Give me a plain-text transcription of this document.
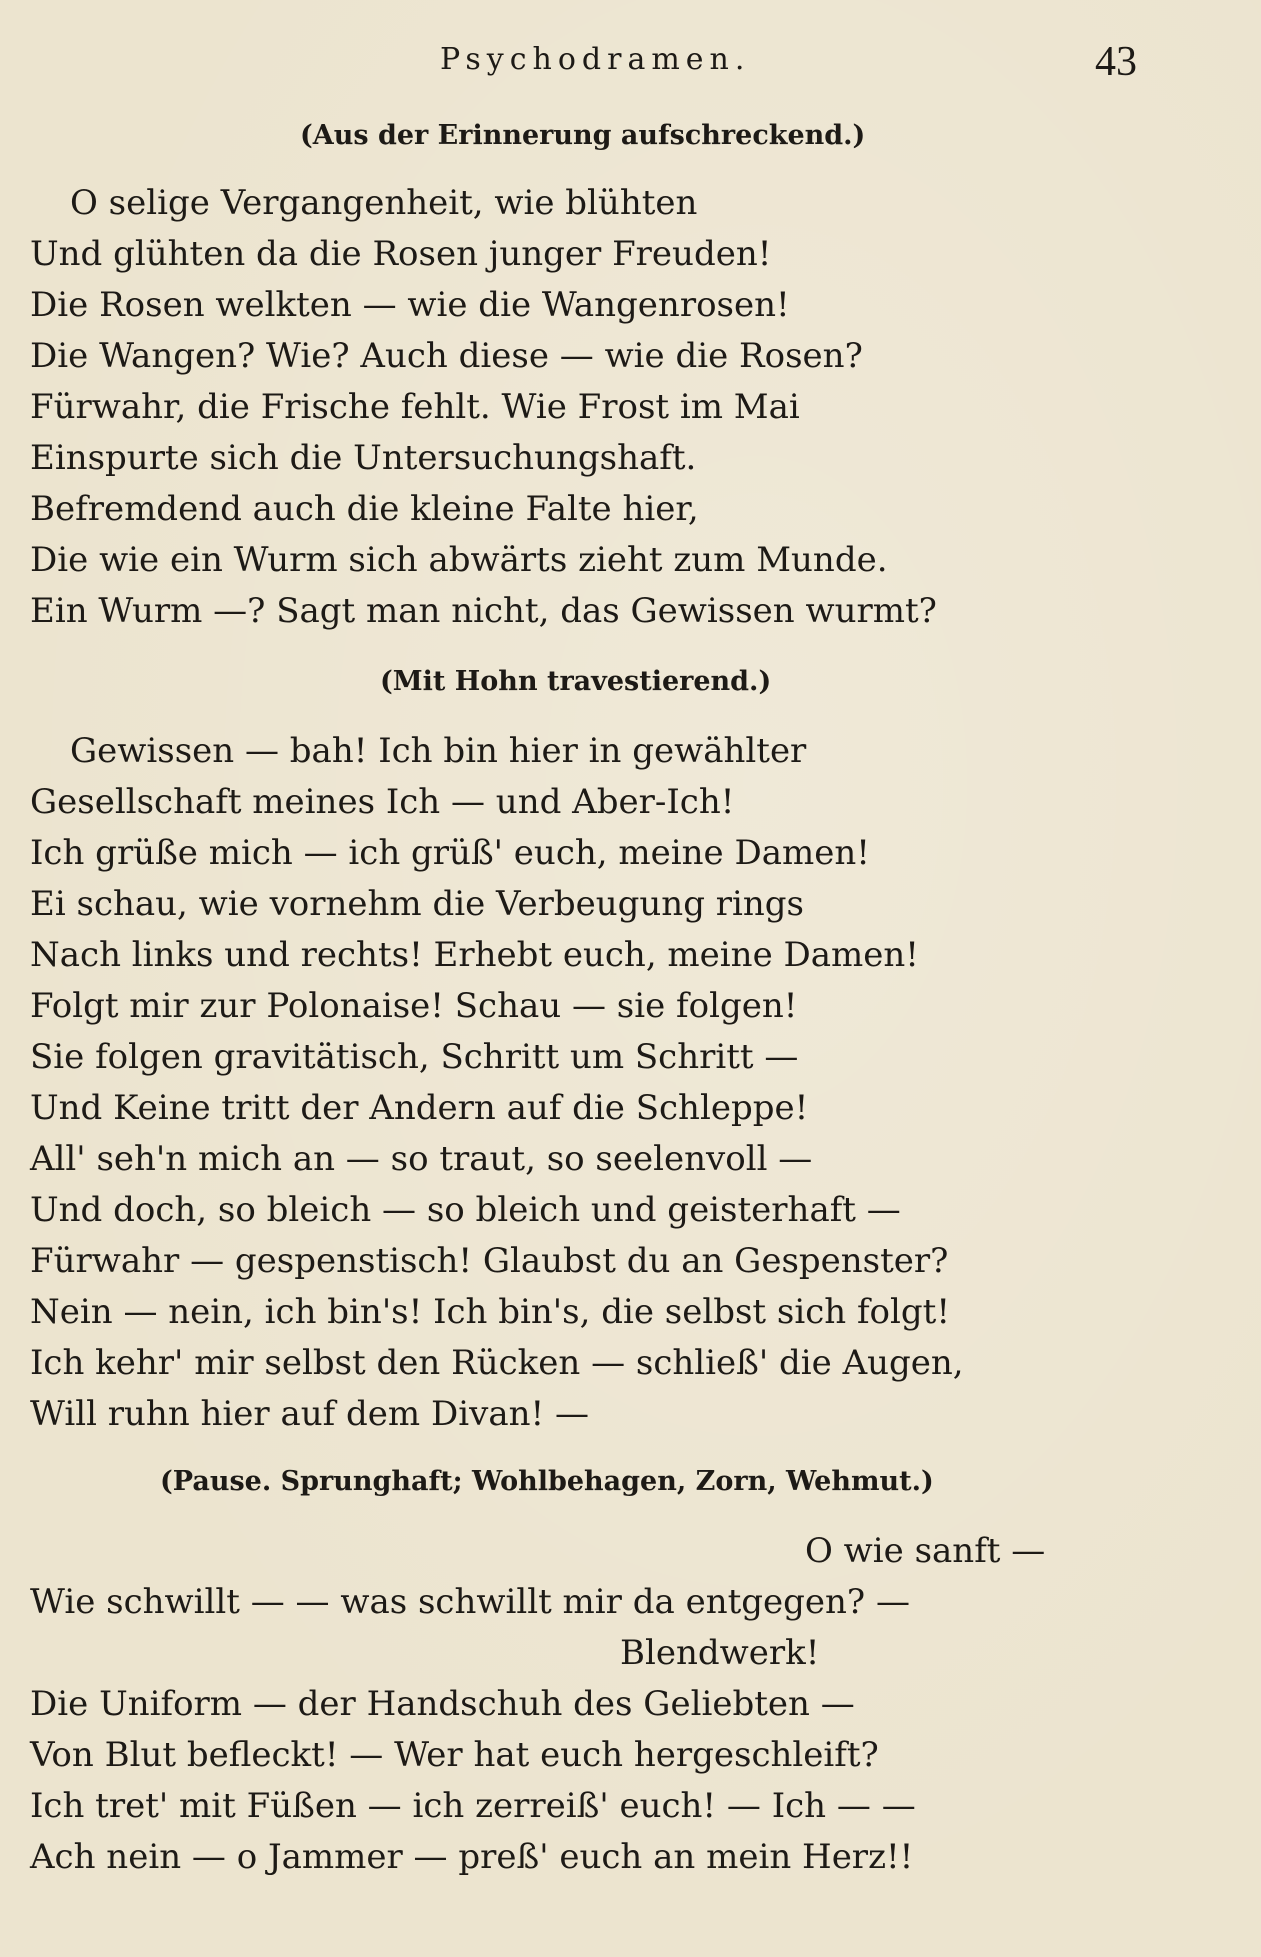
Psychodramen.	43
(Aus der Erinnerung aufschreckend.)
O selige Vergangenheit, wie blühten
Und glühten da die Rosen junger Freuden!
Die Rosen welkten — wie die Wangenrosen!
Die Wangen? Wie? Auch diese — wie die Rosen?
Fürwahr, die Frische fehlt. Wie Frost im Mai
Einspurte sich die Untersuchungshaft.
Befremdend auch die kleine Falte hier,
Die wie ein Wurm sich abwärts zieht zum Munde.
Ein Wurm —? Sagt man nicht, das Gewissen wurmt?
(Mit Hohn travestierend.)
Gewissen — bah! Ich bin hier in gewählter
Gesellschaft meines Ich — und Aber-Ich!
Ich grüße mich — ich grüß' euch, meine Damen!
Ei schau, wie vornehm die Verbeugung rings
Nach links und rechts! Erhebt euch, meine Damen!
Folgt mir zur Polonaise! Schau — sie folgen!
Sie folgen gravitätisch, Schritt um Schritt —
Und Keine tritt der Andern auf die Schleppe!
All' seh'n mich an — so traut, so seelenvoll —
Und doch, so bleich — so bleich und geisterhaft —
Fürwahr — gespenstisch! Glaubst du an Gespenster?
Nein — nein, ich bin's! Ich bin's, die selbst sich folgt!
Ich kehr' mir selbst den Rücken — schließ' die Augen,
Will ruhn hier auf dem Divan! —
(Pause. Sprunghaft; Wohlbehagen, Zorn, Wehmut.)
O wie sanft —
Wie schwillt — — was schwillt mir da entgegen? —
Blendwerk!
Die Uniform — der Handschuh des Geliebten —
Von Blut befleckt! — Wer hat euch hergeschleift?
Ich tret' mit Füßen — ich zerreiß' euch! — Ich — —
Ach nein — o Jammer — preß' euch an mein Herz!!
